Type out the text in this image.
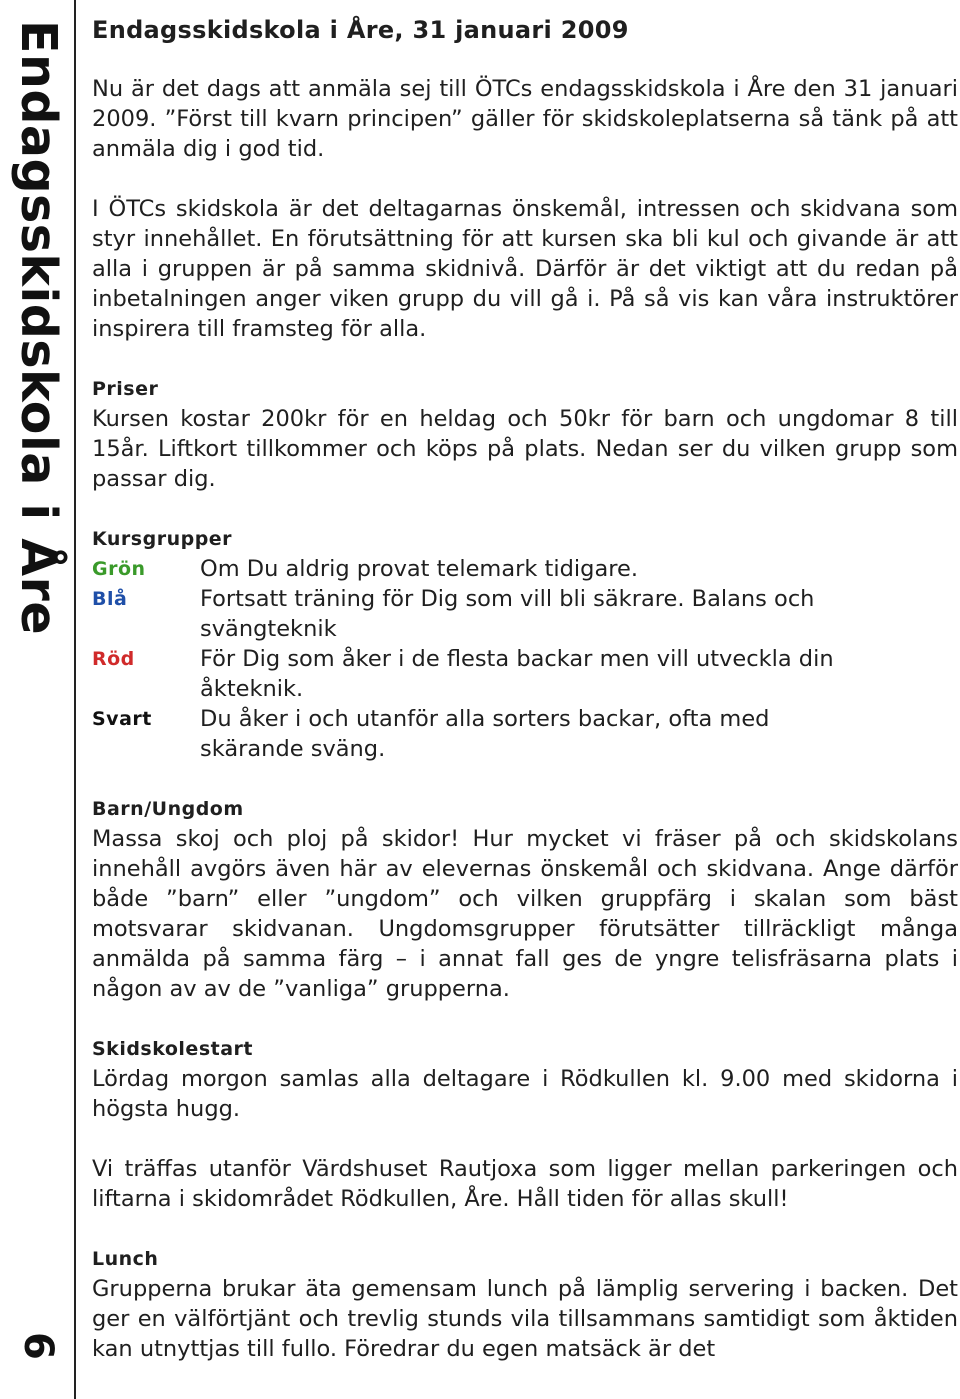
Endagsskidskola i Åre
6
Endagsskidskola i Åre, 31 januari 2009

Nu är det dags att anmäla sej till ÖTCs endagsskidskola i Åre den 31 januari 2009. ”Först till kvarn principen” gäller för skidskoleplatserna så tänk på att anmäla dig i god tid.

I ÖTCs skidskola är det deltagarnas önskemål, intressen och skidvana som styr innehållet. En förutsättning för att kursen ska bli kul och givande är att alla i gruppen är på samma skidnivå. Därför är det viktigt att du redan på inbetalningen anger viken grupp du vill gå i. På så vis kan våra instruktörer inspirera till framsteg för alla.

Priser

Kursen kostar 200kr för en heldag och 50kr för barn och ungdomar 8 till 15år. Liftkort tillkommer och köps på plats. Nedan ser du vilken grupp som passar dig.

Kursgrupper
Grön	Om Du aldrig provat telemark tidigare.
Blå	Fortsatt träning för Dig som vill bli säkrare. Balans och svängteknik
Röd	För Dig som åker i de flesta backar men vill utveckla din åkteknik.
Svart	Du åker i och utanför alla sorters backar, ofta med skärande sväng.
Barn/Ungdom

Massa skoj och ploj på skidor! Hur mycket vi fräser på och skidskolans innehåll avgörs även här av elevernas önskemål och skidvana. Ange därför både ”barn” eller ”ungdom” och vilken gruppfärg i skalan som bäst motsvarar skidvanan. Ungdomsgrupper förutsätter tillräckligt många anmälda på samma färg – i annat fall ges de yngre telisfräsarna plats i någon av av de ”vanliga” grupperna.

Skidskolestart

Lördag morgon samlas alla deltagare i Rödkullen kl. 9.00 med skidorna i högsta hugg.

Vi träffas utanför Värdshuset Rautjoxa som ligger mellan parkeringen och liftarna i skidområdet Rödkullen, Åre. Håll tiden för allas skull!

Lunch

Grupperna brukar äta gemensam lunch på lämplig servering i backen. Det ger en välförtjänt och trevlig stunds vila tillsammans samtidigt som åktiden kan utnyttjas till fullo. Föredrar du egen matsäck är det
